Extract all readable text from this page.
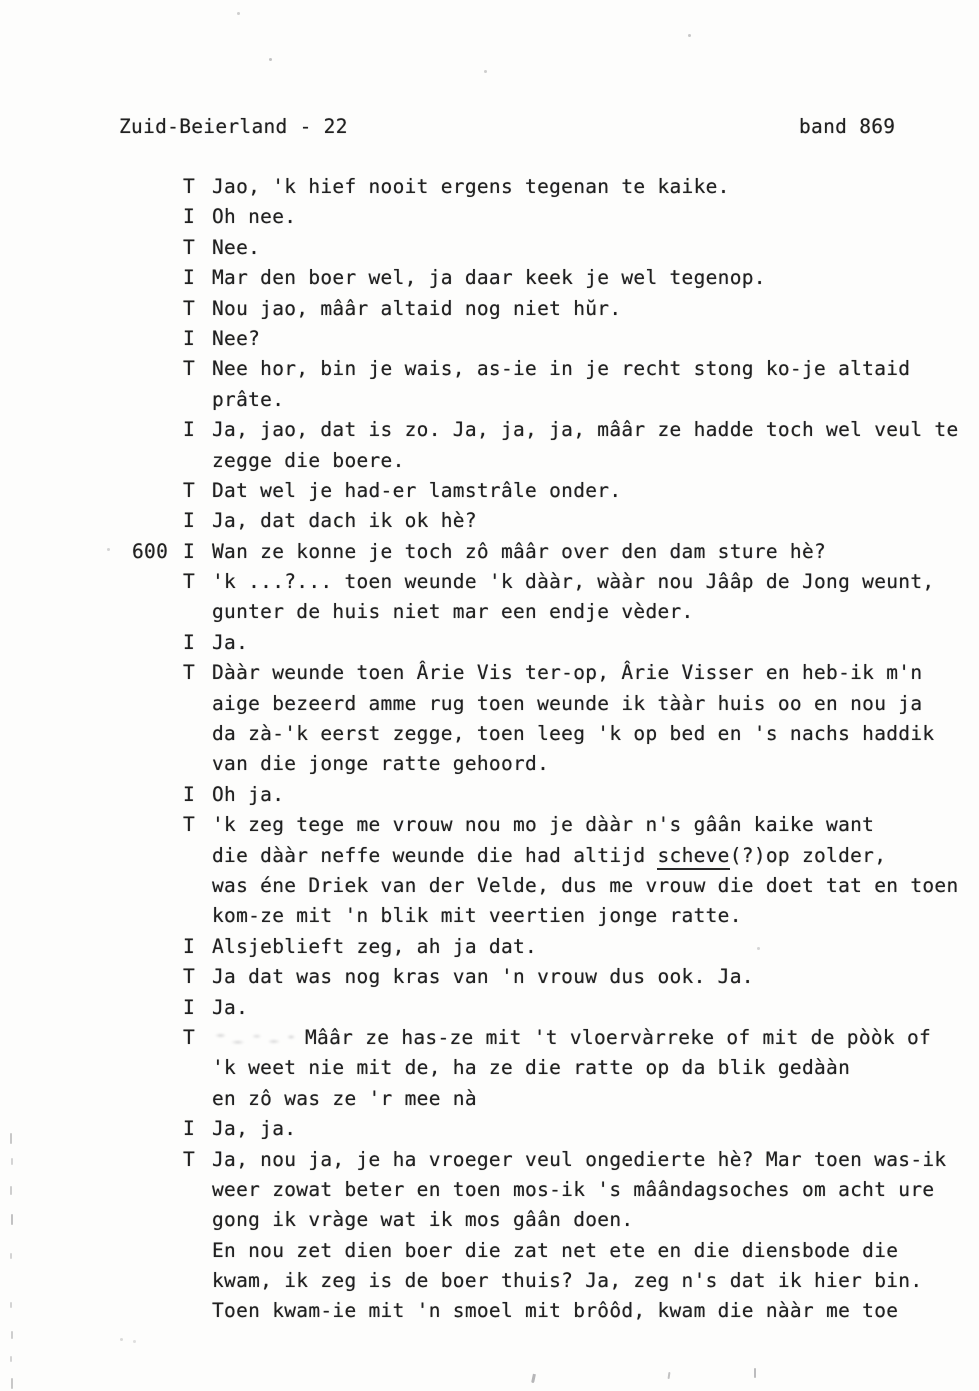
Zuid-Beierland - 22	band 869
T Jao, 'k hief nooit ergens tegenan te kaike.
I Oh nee.
T Nee.
I Mar den boer wel, ja daar keek je wel tegenop.
T Nou jao, mââr altaid nog niet hŭr.
I Nee?
T Nee hor, bin je wais, as-ie in je recht stong ko-je altaid
prâte.
I Ja, jao, dat is zo. Ja, ja, ja, mââr ze hadde toch wel veul te
zegge die boere.
T Dat wel je had-er lamstrâle onder.
I Ja, dat dach ik ok hè?
600 I Wan ze konne je toch zô mââr over den dam sture hè?
T 'k ...?... toen weunde 'k dààr, wààr nou Jââp de Jong weunt,
gunter de huis niet mar een endje vèder.
I Ja.
T Dààr weunde toen Ârie Vis ter-op, Ârie Visser en heb-ik m'n
aige bezeerd amme rug toen weunde ik tààr huis oo en nou ja
da zà-'k eerst zegge, toen leeg 'k op bed en 's nachs haddik
van die jonge ratte gehoord.
I Oh ja.
T 'k zeg tege me vrouw nou mo je dààr n's gâân kaike want
die dààr neffe weunde die had altijd scheve(?)op zolder,
was éne Driek van der Velde, dus me vrouw die doet tat en toen
kom-ze mit 'n blik mit veertien jonge ratte.
I Alsjeblieft zeg, ah ja dat.
T Ja dat was nog kras van 'n vrouw dus ook. Ja.
I Ja.
T	Mââr ze has-ze mit 't vloervàrreke of mit de pòòk of
'k weet nie mit de, ha ze die ratte op da blik gedààn
en zô was ze 'r mee nà
I Ja, ja.
T Ja, nou ja, je ha vroeger veul ongedierte hè? Mar toen was-ik
weer zowat beter en toen mos-ik 's mâândagsoches om acht ure
gong ik vràge wat ik mos gâân doen.
En nou zet dien boer die zat net ete en die diensbode die
kwam, ik zeg is de boer thuis? Ja, zeg n's dat ik hier bin.
Toen kwam-ie mit 'n smoel mit brôôd, kwam die nààr me toe
